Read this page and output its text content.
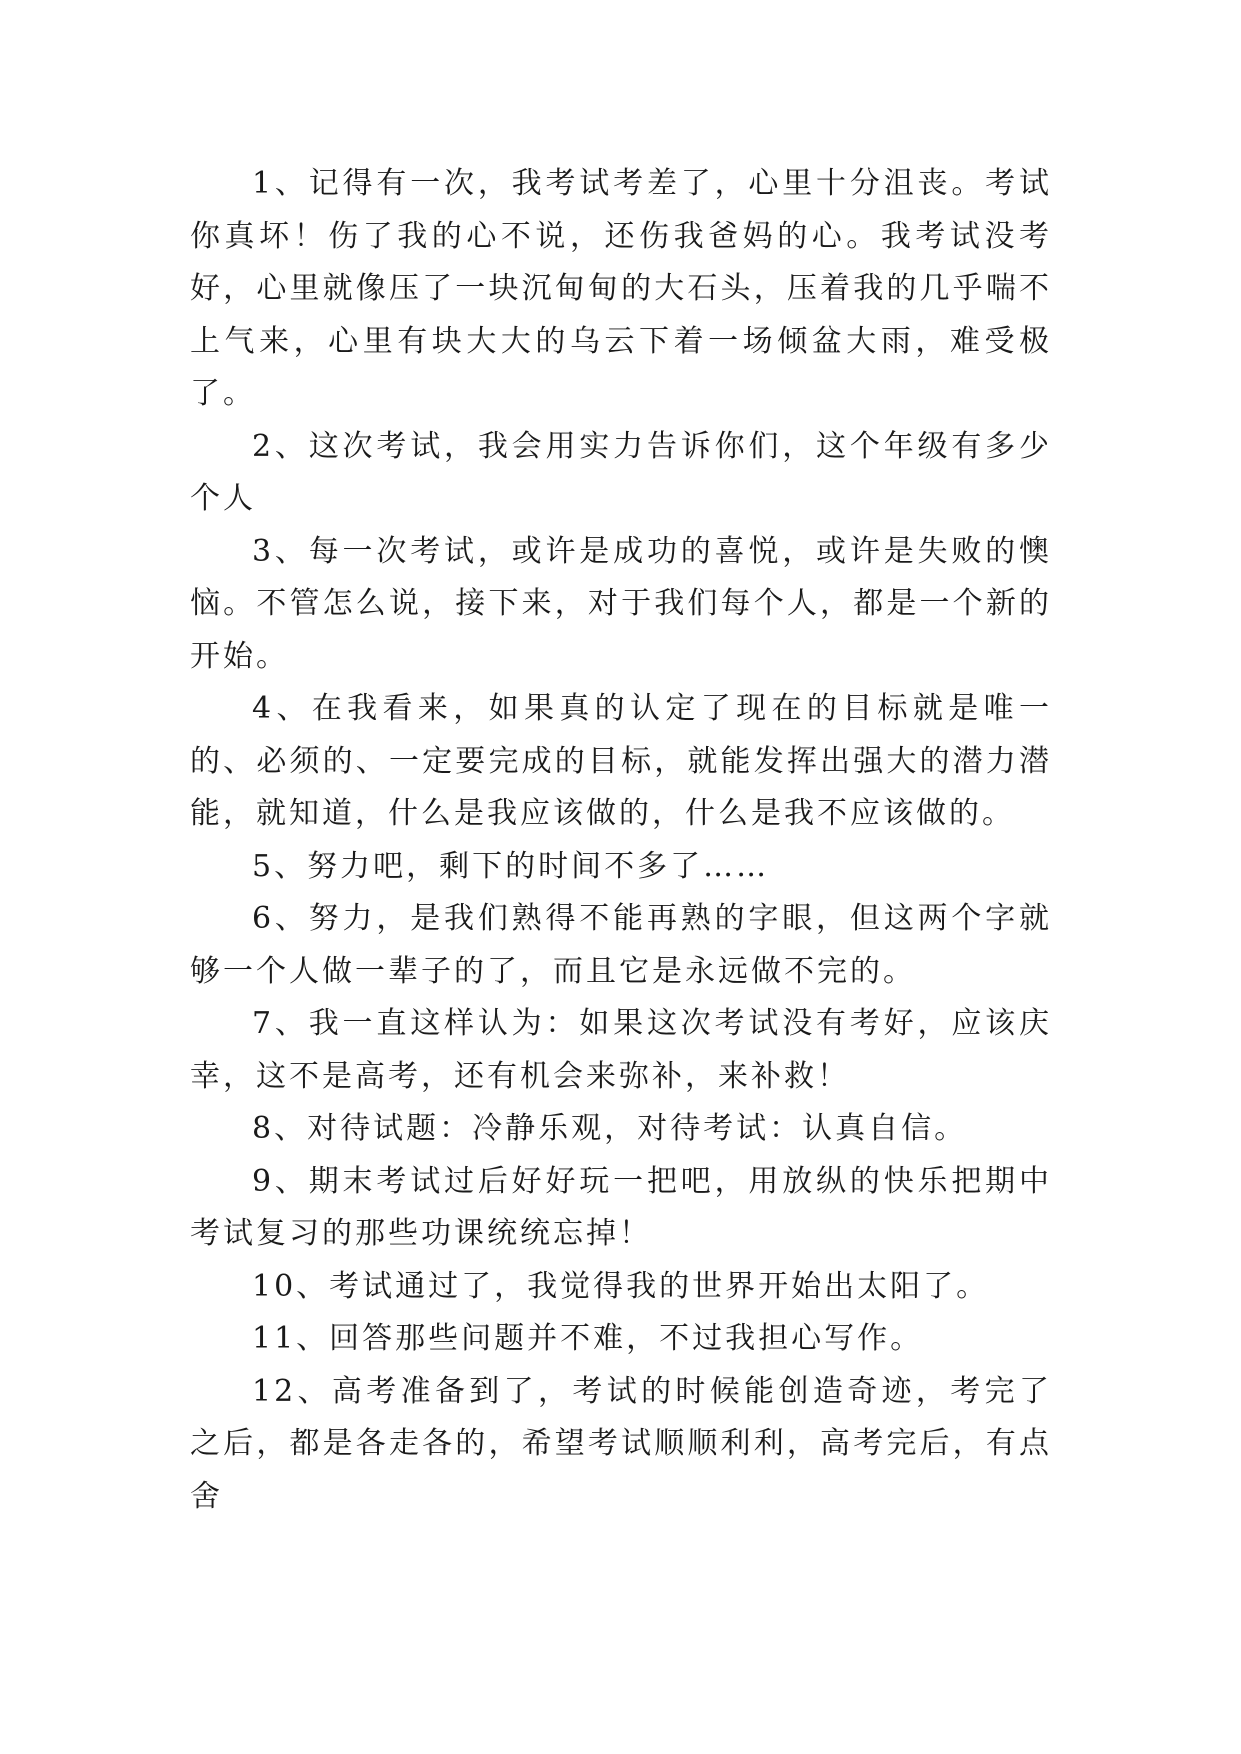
1、记得有一次，我考试考差了，心里十分沮丧。考试你真坏！伤了我的心不说，还伤我爸妈的心。我考试没考好，心里就像压了一块沉甸甸的大石头，压着我的几乎喘不上气来，心里有块大大的乌云下着一场倾盆大雨，难受极了。

2、这次考试，我会用实力告诉你们，这个年级有多少个人

3、每一次考试，或许是成功的喜悦，或许是失败的懊恼。不管怎么说，接下来，对于我们每个人，都是一个新的开始。

4、在我看来，如果真的认定了现在的目标就是唯一的、必须的、一定要完成的目标，就能发挥出强大的潜力潜能，就知道，什么是我应该做的，什么是我不应该做的。

5、努力吧，剩下的时间不多了……

6、努力，是我们熟得不能再熟的字眼，但这两个字就够一个人做一辈子的了，而且它是永远做不完的。

7、我一直这样认为：如果这次考试没有考好，应该庆幸，这不是高考，还有机会来弥补，来补救！

8、对待试题：冷静乐观，对待考试：认真自信。

9、期末考试过后好好玩一把吧，用放纵的快乐把期中考试复习的那些功课统统忘掉！

10、考试通过了，我觉得我的世界开始出太阳了。

11、回答那些问题并不难，不过我担心写作。

12、高考准备到了，考试的时候能创造奇迹，考完了之后，都是各走各的，希望考试顺顺利利，高考完后，有点舍
